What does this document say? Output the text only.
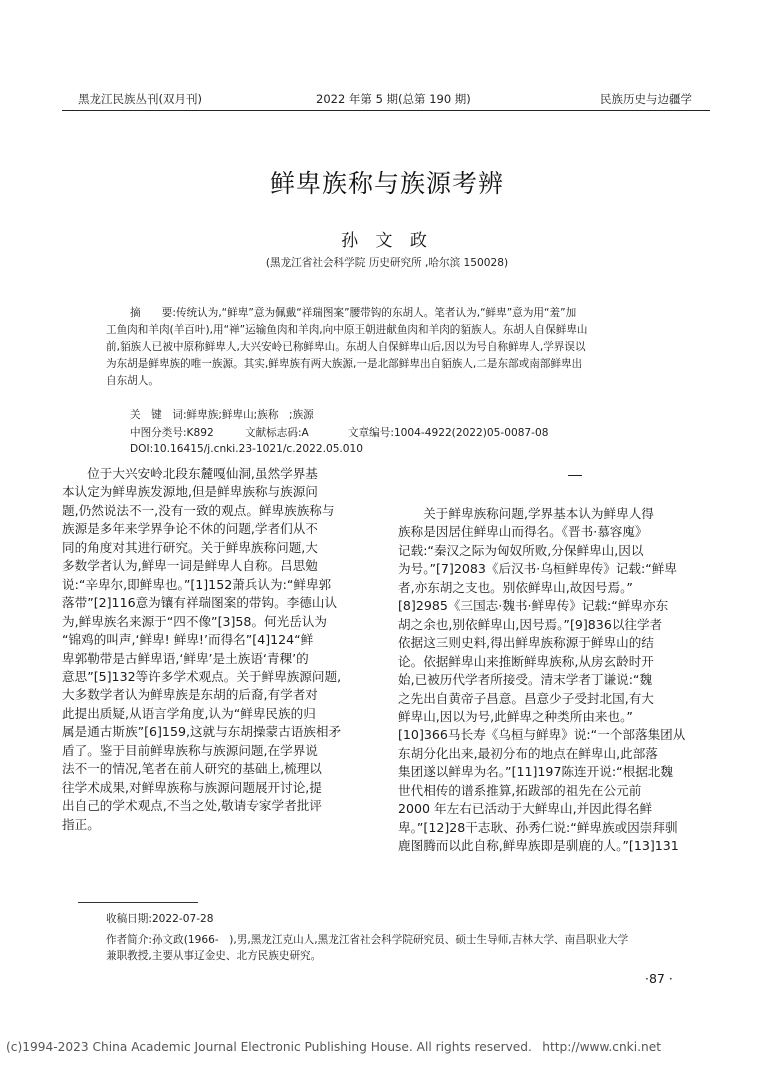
黑龙江民族丛刊(双月刊)	2022 年第 5 期(总第 190 期)	民族历史与边疆学
鲜卑族称与族源考辨
孙 文 政
(黑龙江省社会科学院 历史研究所 ,哈尔滨 150028)
摘　　要:传统认为,“鲜卑”意为佩戴“祥瑞图案”腰带钩的东胡人。笔者认为,“鲜卑”意为用“羞”加
工鱼肉和羊肉(羊百叶),用“禅”运输鱼肉和羊肉,向中原王朝进献鱼肉和羊肉的貊族人。东胡人自保鲜卑山
前,貊族人已被中原称鲜卑人,大兴安岭已称鲜卑山。东胡人自保鲜卑山后,因以为号自称鲜卑人,学界误以
为东胡是鲜卑族的唯一族源。其实,鲜卑族有两大族源,一是北部鲜卑出自貊族人,二是东部或南部鲜卑出
自东胡人。
关　键　词:鲜卑族;鲜卑山;族称　;族源
中图分类号:K892	文献标志码:A	文章编号:1004-4922(2022)05-0087-08
DOI:10.16415/j.cnki.23-1021/c.2022.05.010
　　位于大兴安岭北段东麓嘎仙洞,虽然学界基
本认定为鲜卑族发源地,但是鲜卑族称与族源问
题,仍然说法不一,没有一致的观点。鲜卑族族称与
族源是多年来学界争论不休的问题,学者们从不
同的角度对其进行研究。关于鲜卑族称问题,大
多数学者认为,鲜卑一词是鲜卑人自称。吕思勉
说:“辛卑尔,即鲜卑也。”[1]152萧兵认为:“鲜卑郭
落带”[2]116意为镶有祥瑞图案的带钩。李德山认
为,鲜卑族名来源于“四不像”[3]58。何光岳认为
“锦鸡的叫声,‘鲜卑! 鲜卑!’而得名”[4]124“鲜
卑郭勒带是古鲜卑语,‘鲜卑’是土族语‘青稞’的
意思”[5]132等许多学术观点。关于鲜卑族源问题,
大多数学者认为鲜卑族是东胡的后裔,有学者对
此提出质疑,从语言学角度,认为“鲜卑民族的归
属是通古斯族”[6]159,这就与东胡操蒙古语族相矛
盾了。鉴于目前鲜卑族称与族源问题,在学界说
法不一的情况,笔者在前人研究的基础上,梳理以
往学术成果,对鲜卑族称与族源问题展开讨论,提
出自己的学术观点,不当之处,敬请专家学者批评
指正。
　　关于鲜卑族称问题,学界基本认为鲜卑人得
族称是因居住鲜卑山而得名。《晋书·慕容廆》
记载:“秦汉之际为匈奴所败,分保鲜卑山,因以
为号。”[7]2083《后汉书·乌桓鲜卑传》记载:“鲜卑
者,亦东胡之支也。别依鲜卑山,故因号焉。”
[8]2985《三国志·魏书·鲜卑传》记载:“鲜卑亦东
胡之余也,别依鲜卑山,因号焉。”[9]836以往学者
依据这三则史料,得出鲜卑族称源于鲜卑山的结
论。依据鲜卑山来推断鲜卑族称,从房玄龄时开
始,已被历代学者所接受。清末学者丁谦说:“魏
之先出自黄帝子昌意。昌意少子受封北国,有大
鲜卑山,因以为号,此鲜卑之种类所由来也。”
[10]366马长寿《乌桓与鲜卑》说:“一个部落集团从
东胡分化出来,最初分布的地点在鲜卑山,此部落
集团遂以鲜卑为名。”[11]197陈连开说:“根据北魏
世代相传的谱系推算,拓跋部的祖先在公元前
2000 年左右已活动于大鲜卑山,并因此得名鲜
卑。”[12]28干志耿、孙秀仁说:“鲜卑族或因崇拜驯
鹿图腾而以此自称,鲜卑族即是驯鹿的人。”[13]131
收稿日期:2022-07-28
作者简介:孙文政(1966-　),男,黑龙江克山人,黑龙江省社会科学院研究员、硕士生导师,吉林大学、南昌职业大学
兼职教授,主要从事辽金史、北方民族史研究。
·87 ·
(c)1994-2023 China Academic Journal Electronic Publishing House. All rights reserved. http://www.cnki.net
